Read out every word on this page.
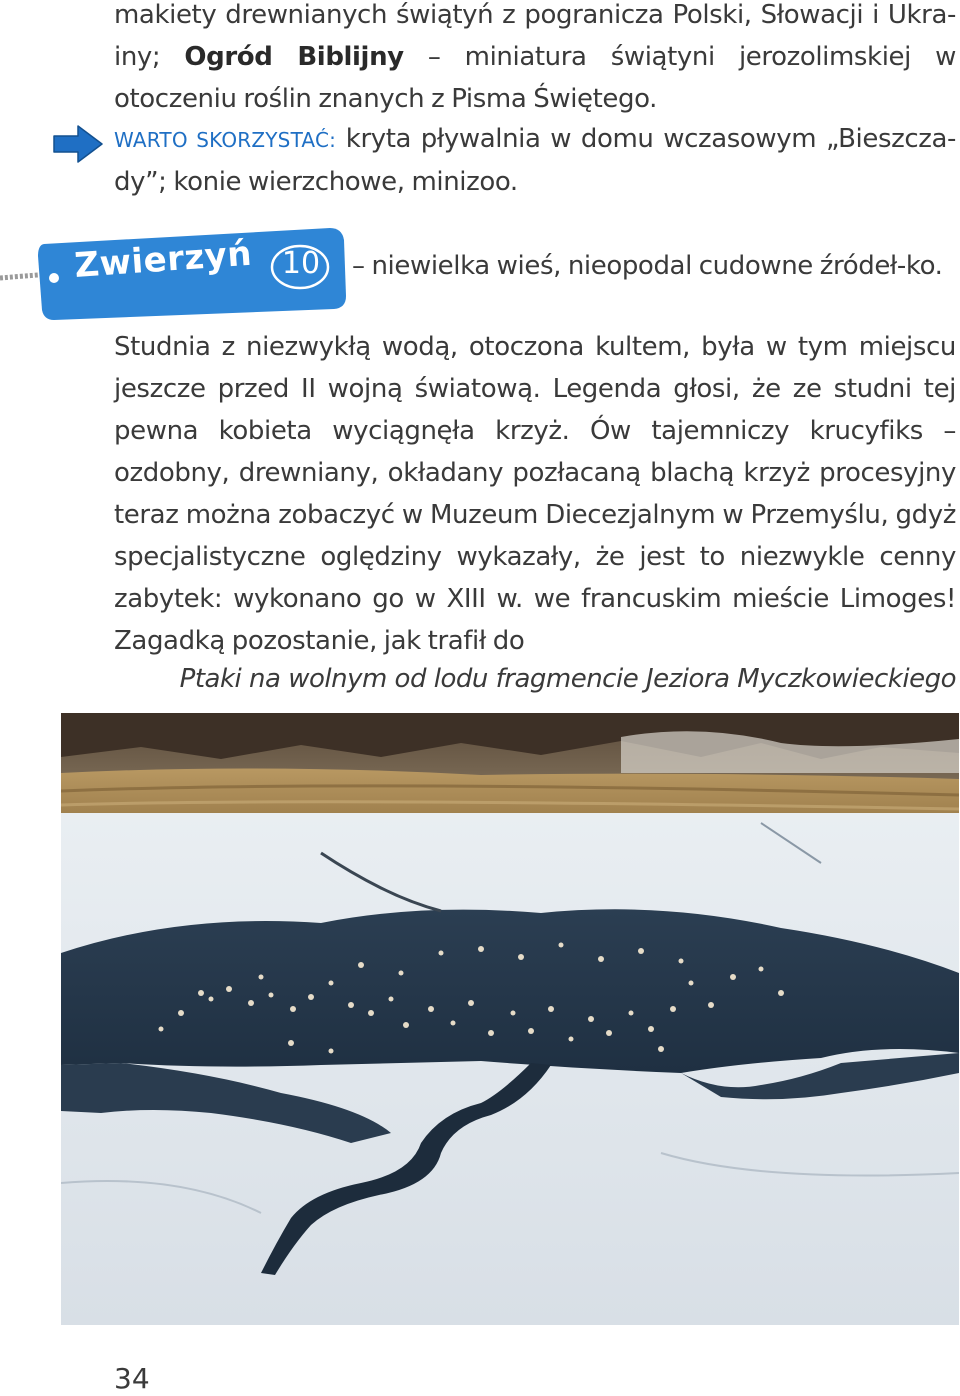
makiety drewnianych świątyń z pogranicza Polski, Słowacji i Ukra- iny; Ogród Biblijny – miniatura świątyni jerozolimskiej w otoczeniu roślin znanych z Pisma Świętego.

WARTO SKORZYSTAĆ: kryta pływalnia w domu wczasowym „Bieszcza-dy”; konie wierzchowe, minizoo.

Zwierzyń 10 – niewielka wieś, nieopodal cudowne źródeł-ko.

Studnia z niezwykłą wodą, otoczona kultem, była w tym miejscu jeszcze przed II wojną światową. Legenda głosi, że ze studni tej pewna kobieta wyciągnęła krzyż. Ów tajemniczy krucyfiks – ozdobny, drewniany, okładany pozłacaną blachą krzyż procesyjny teraz można zobaczyć w Muzeum Diecezjalnym w Przemyślu, gdyż specjalistyczne oględziny wykazały, że jest to niezwykle cenny zabytek: wykonano go w XIII w. we francuskim mieście Limoges! Zagadką pozostanie, jak trafił do

Ptaki na wolnym od lodu fragmencie Jeziora Myczkowieckiego

34
